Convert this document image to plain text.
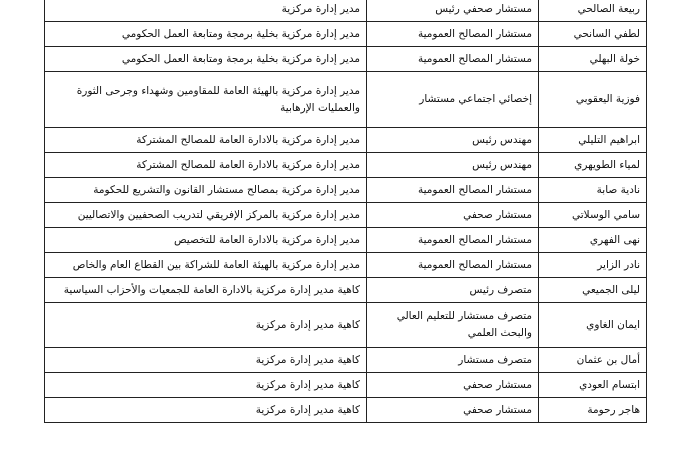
ربيعة الصالحي	مستشار صحفي رئيس	مدير إدارة مركزية
لطفي السانحي	مستشار المصالح العمومية	مدير إدارة مركزية بخلية برمجة ومتابعة العمل الحكومي
خولة البهلي	مستشار المصالح العمومية	مدير إدارة مركزية بخلية برمجة ومتابعة العمل الحكومي
فوزية اليعقوبي	إخصائي اجتماعي مستشار	مدير إدارة مركزية بالهيئة العامة للمقاومين وشهداء وجرحى الثورة والعمليات الإرهابية
ابراهيم التليلي	مهندس رئيس	مدير إدارة مركزية بالادارة العامة للمصالح المشتركة
لمياء الطويهري	مهندس رئيس	مدير إدارة مركزية بالادارة العامة للمصالح المشتركة
نادية صابة	مستشار المصالح العمومية	مدير إدارة مركزية بمصالح مستشار القانون والتشريع للحكومة
سامي الوسلاتي	مستشار صحفي	مدير إدارة مركزية بالمركز الإفريقي لتدريب الصحفيين والاتصاليين
نهى الفهري	مستشار المصالح العمومية	مدير إدارة مركزية بالادارة العامة للتخصيص
نادر الزاير	مستشار المصالح العمومية	مدير إدارة مركزية بالهيئة العامة للشراكة بين القطاع العام والخاص
ليلى الجميعي	متصرف رئيس	كاهية مدير إدارة مركزية بالادارة العامة للجمعيات والأحزاب السياسية
ايمان الغاوي	متصرف مستشار للتعليم العالي والبحث العلمي	كاهية مدير إدارة مركزية
أمال بن عثمان	متصرف مستشار	كاهية مدير إدارة مركزية
ابتسام العودي	مستشار صحفي	كاهية مدير إدارة مركزية
هاجر رحومة	مستشار صحفي	كاهية مدير إدارة مركزية
